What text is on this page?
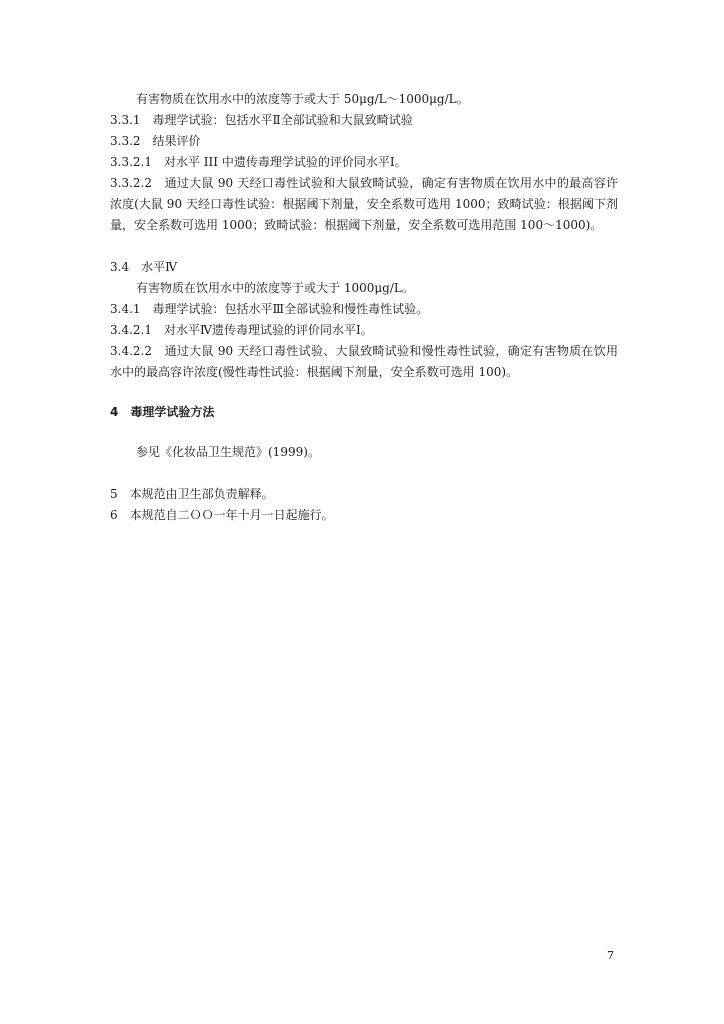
有害物质在饮用水中的浓度等于或大于 50μg/L～1000μg/L。
3.3.1　毒理学试验：包括水平Ⅱ全部试验和大鼠致畸试验
3.3.2　结果评价
3.3.2.1　对水平 III 中遗传毒理学试验的评价同水平Ⅰ。
3.3.2.2　通过大鼠 90 天经口毒性试验和大鼠致畸试验，确定有害物质在饮用水中的最高容许浓度(大鼠 90 天经口毒性试验：根据阈下剂量，安全系数可选用 1000；致畸试验：根据阈下剂量，安全系数可选用 1000；致畸试验：根据阈下剂量，安全系数可选用范围 100～1000)。
3.4　水平Ⅳ
有害物质在饮用水中的浓度等于或大于 1000μg/L。
3.4.1　毒理学试验：包括水平Ⅲ全部试验和慢性毒性试验。
3.4.2.1　对水平Ⅳ遗传毒理试验的评价同水平Ⅰ。
3.4.2.2　通过大鼠 90 天经口毒性试验、大鼠致畸试验和慢性毒性试验，确定有害物质在饮用水中的最高容许浓度(慢性毒性试验：根据阈下剂量，安全系数可选用 100)。
4　毒理学试验方法
参见《化妆品卫生规范》(1999)。
5　本规范由卫生部负责解释。
6　本规范自二ＯＯ一年十月一日起施行。
7
